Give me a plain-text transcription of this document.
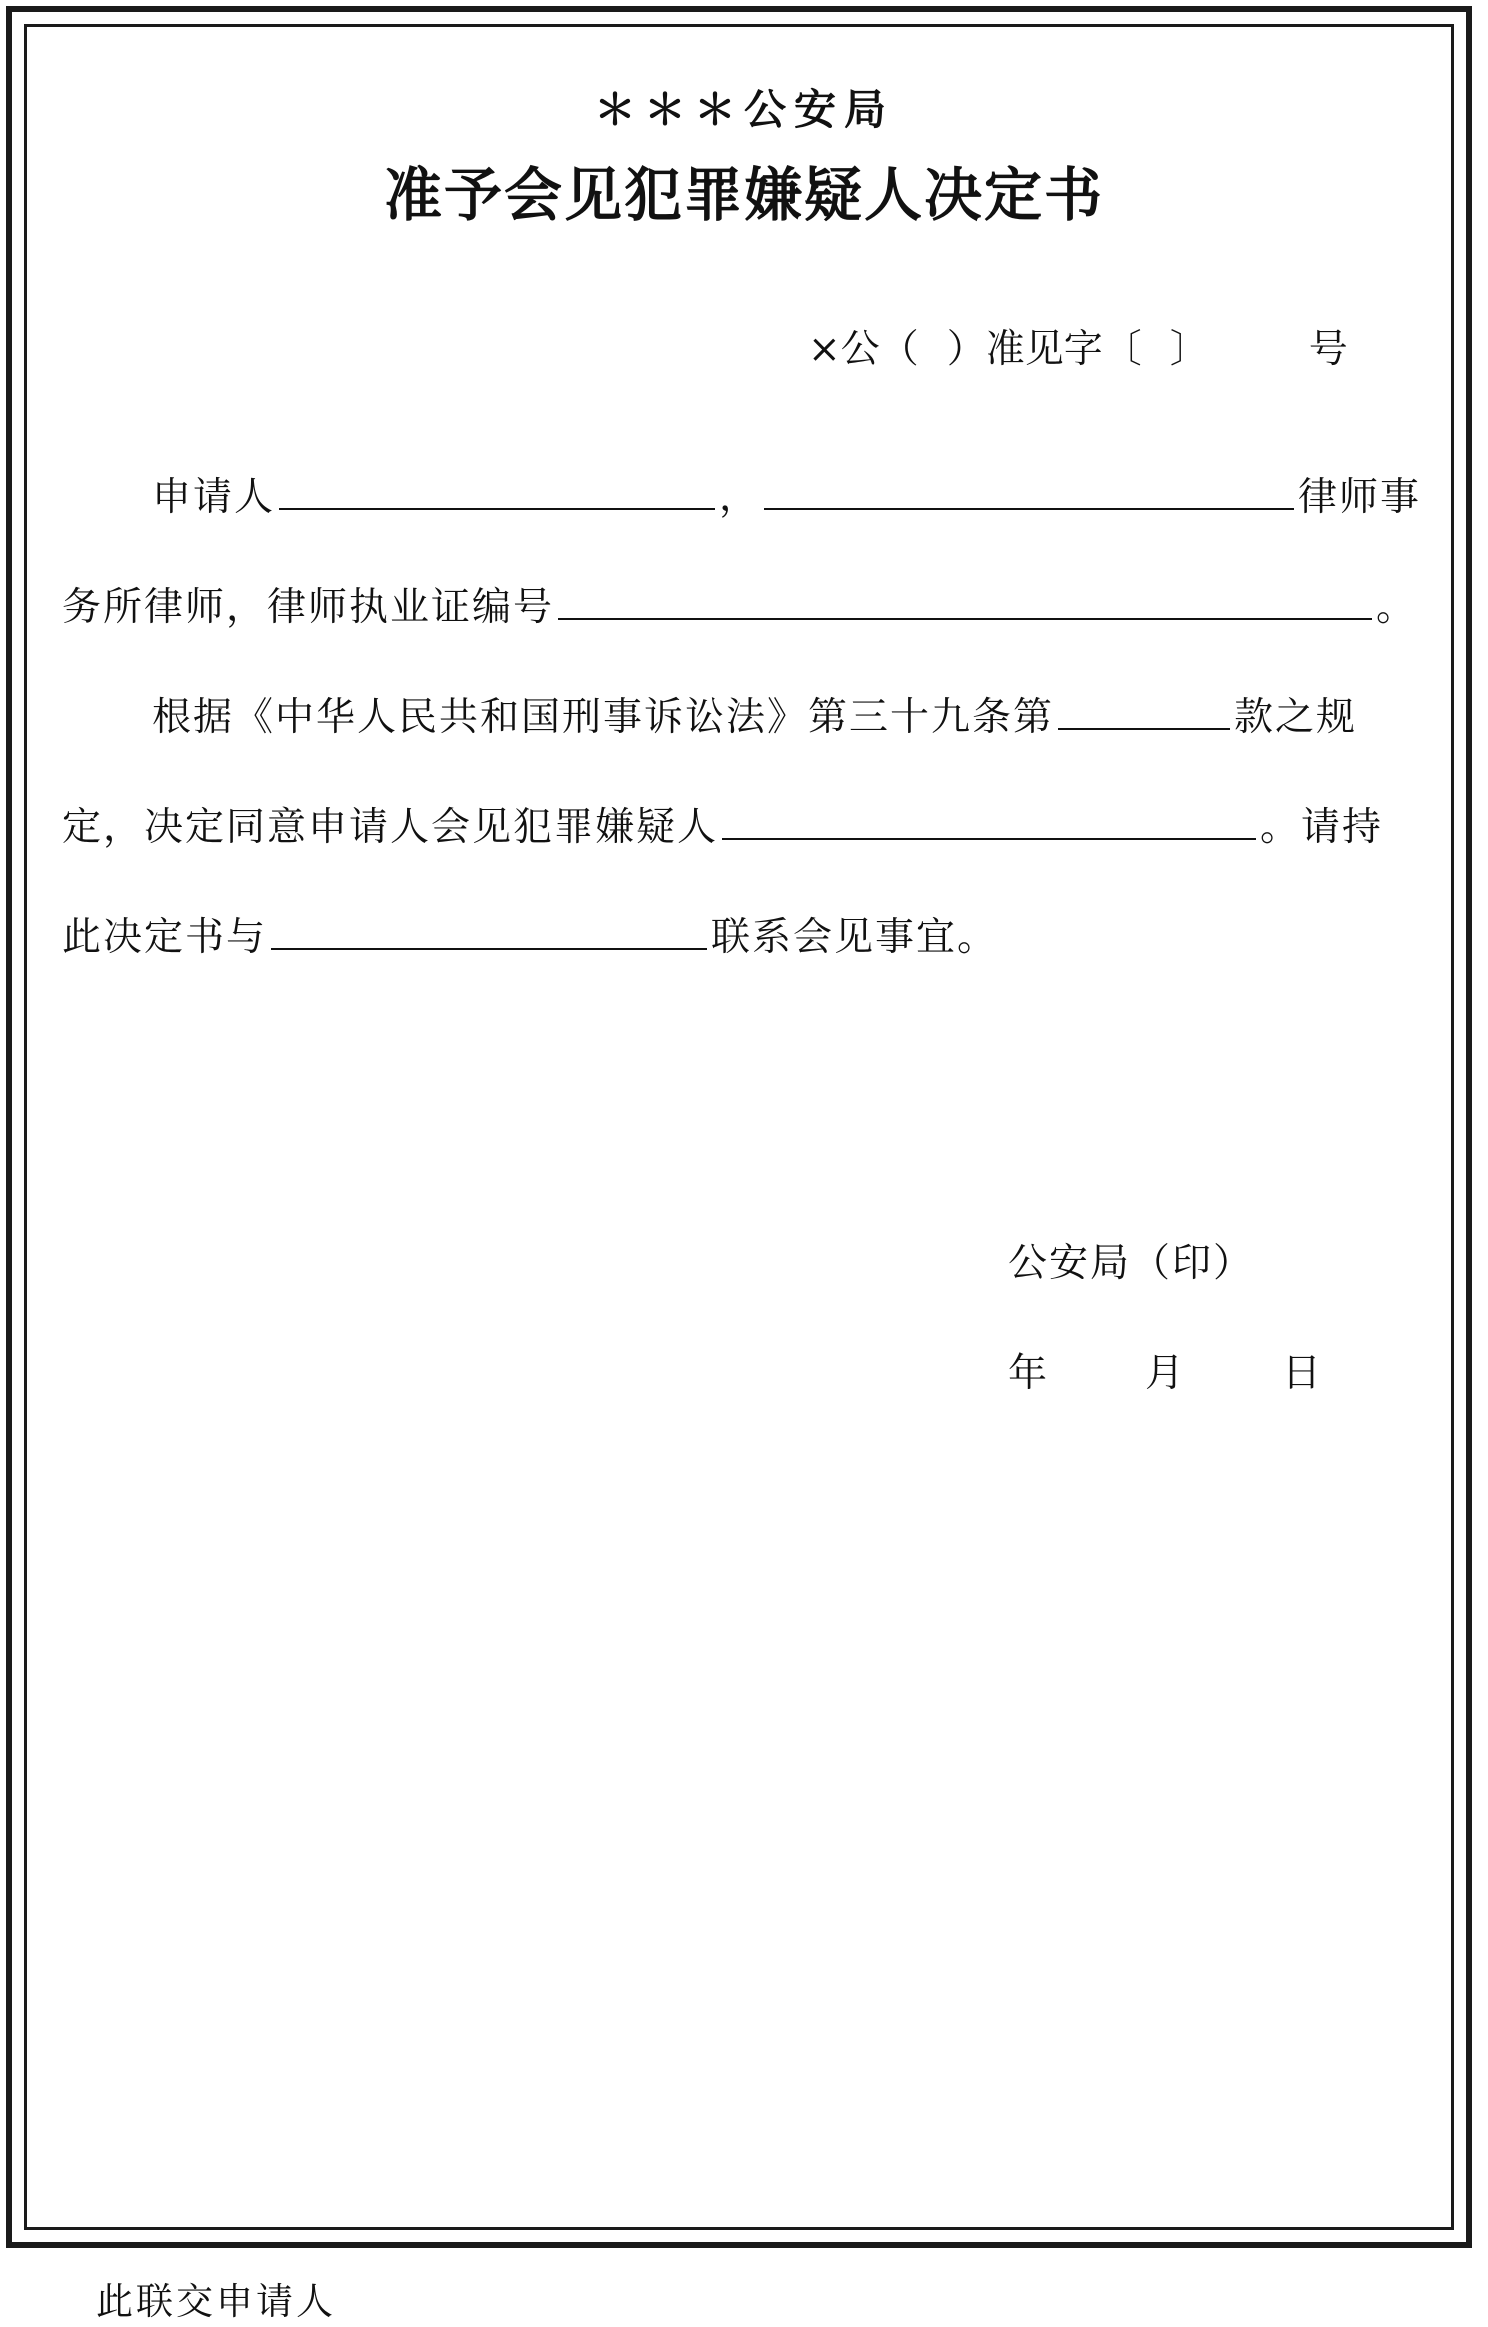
＊＊＊公安局
准予会见犯罪嫌疑人决定书
×公（ ）准见字〔 〕	号
申请人	，	律师事
务所律师，律师执业证编号	。
根据《中华人民共和国刑事诉讼法》第三十九条第	款之规
定，决定同意申请人会见犯罪嫌疑人	。请持
此决定书与	联系会见事宜。
公安局（印）
年 月 日
此联交申请人
